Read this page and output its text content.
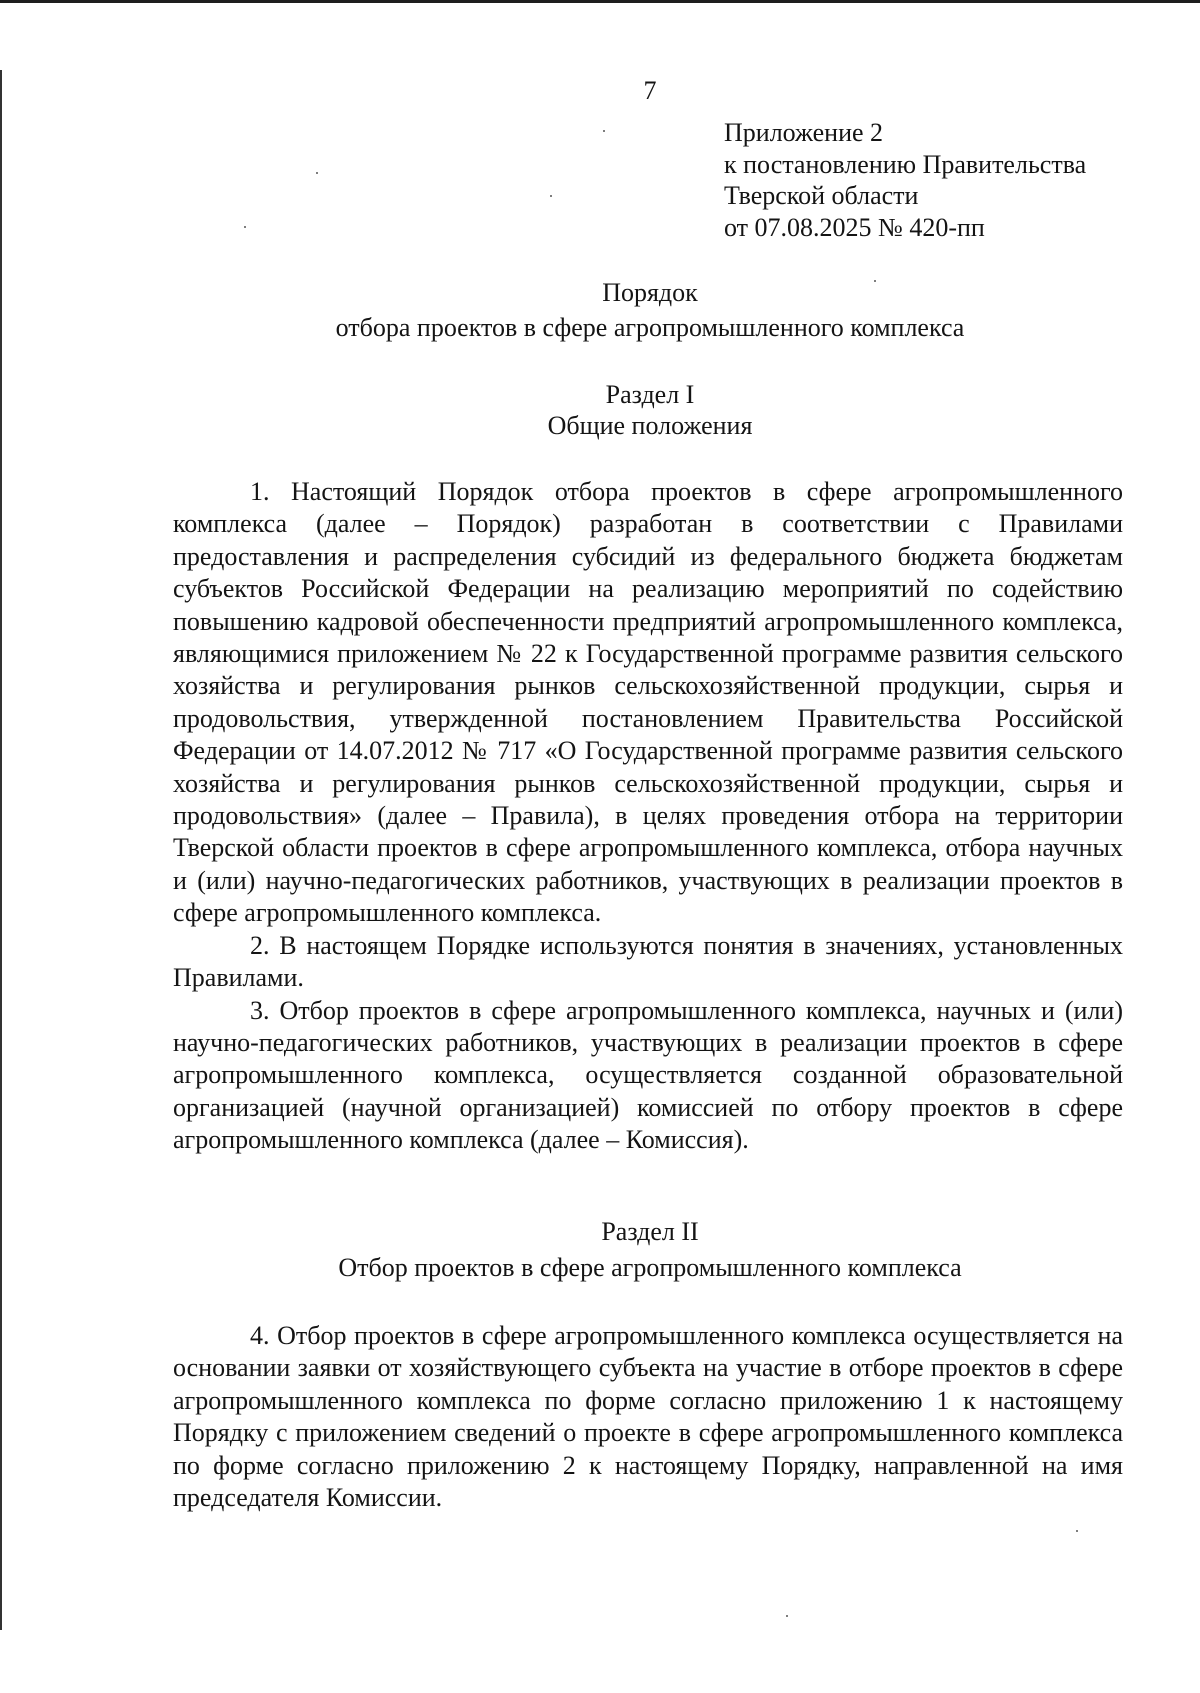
7
Приложение 2
к постановлению Правительства
Тверской области
от 07.08.2025 № 420-пп
Порядок
отбора проектов в сфере агропромышленного комплекса
Раздел I
Общие положения

1. Настоящий Порядок отбора проектов в сфере агропромышленного комплекса (далее – Порядок) разработан в соответствии с Правилами предоставления и распределения субсидий из федерального бюджета бюджетам субъектов Российской Федерации на реализацию мероприятий по содействию повышению кадровой обеспеченности предприятий агропромышленного комплекса, являющимися приложением № 22 к Государственной программе развития сельского хозяйства и регулирования рынков сельскохозяйственной продукции, сырья и продовольствия, утвержденной постановлением Правительства Российской Федерации от 14.07.2012 № 717 «О Государственной программе развития сельского хозяйства и регулирования рынков сельскохозяйственной продукции, сырья и продовольствия» (далее – Правила), в целях проведения отбора на территории Тверской области проектов в сфере агропромышленного комплекса, отбора научных и (или) научно-педагогических работников, участвующих в реализации проектов в сфере агропромышленного комплекса.

2. В настоящем Порядке используются понятия в значениях, установленных Правилами.

3. Отбор проектов в сфере агропромышленного комплекса, научных и (или) научно-педагогических работников, участвующих в реализации проектов в сфере агропромышленного комплекса, осуществляется созданной образовательной организацией (научной организацией) комиссией по отбору проектов в сфере агропромышленного комплекса (далее – Комиссия).

Раздел II
Отбор проектов в сфере агропромышленного комплекса

4. Отбор проектов в сфере агропромышленного комплекса осуществляется на основании заявки от хозяйствующего субъекта на участие в отборе проектов в сфере агропромышленного комплекса по форме согласно приложению 1 к настоящему Порядку с приложением сведений о проекте в сфере агропромышленного комплекса по форме согласно приложению 2 к настоящему Порядку, направленной на имя председателя Комиссии.
